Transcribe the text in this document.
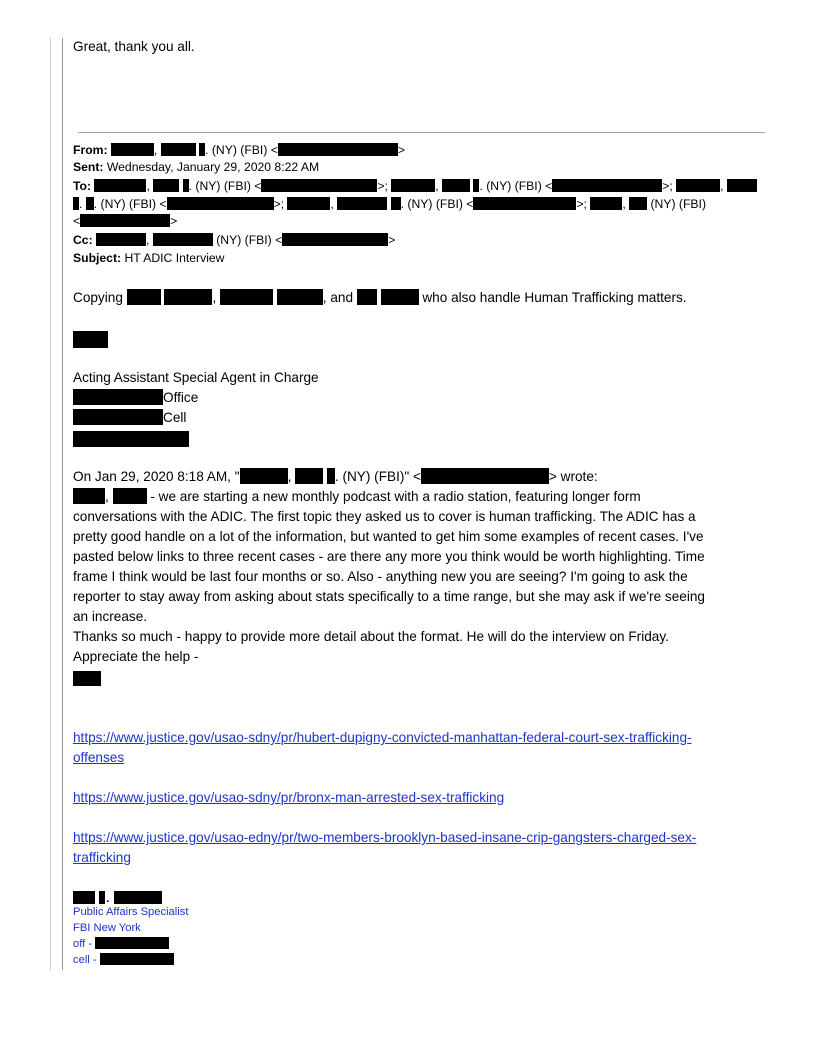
Great, thank you all.
From:	,	. (NY) (FBI) <	>
Sent: Wednesday, January 29, 2020 8:22 AM
To:	,	. (NY) (FBI) <	>;	,	. (NY) (FBI) <	>;	,
. . (NY) (FBI) <	>;	,	. (NY) (FBI) <	>;	,  (NY) (FBI)
<	>
Cc:	,	(NY) (FBI) <	>
Subject: HT ADIC Interview
Copying	,	, and	who also handle Human Trafficking matters.
Acting Assistant Special Agent in Charge
Office
Cell
On Jan 29, 2020 8:18 AM, "	,	. (NY) (FBI)" <	> wrote:
,	- we are starting a new monthly podcast with a radio station, featuring longer form
conversations with the ADIC. The first topic they asked us to cover is human trafficking. The ADIC has a
pretty good handle on a lot of the information, but wanted to get him some examples of recent cases. I've
pasted below links to three recent cases - are there any more you think would be worth highlighting. Time
frame I think would be last four months or so. Also - anything new you are seeing? I'm going to ask the
reporter to stay away from asking about stats specifically to a time range, but she may ask if we're seeing
an increase.
Thanks so much - happy to provide more detail about the format. He will do the interview on Friday.
Appreciate the help -
https://www.justice.gov/usao-sdny/pr/hubert-dupigny-convicted-manhattan-federal-court-sex-trafficking-
offenses
https://www.justice.gov/usao-sdny/pr/bronx-man-arrested-sex-trafficking
https://www.justice.gov/usao-edny/pr/two-members-brooklyn-based-insane-crip-gangsters-charged-sex-
trafficking
.
Public Affairs Specialist
FBI New York
off -
cell -
